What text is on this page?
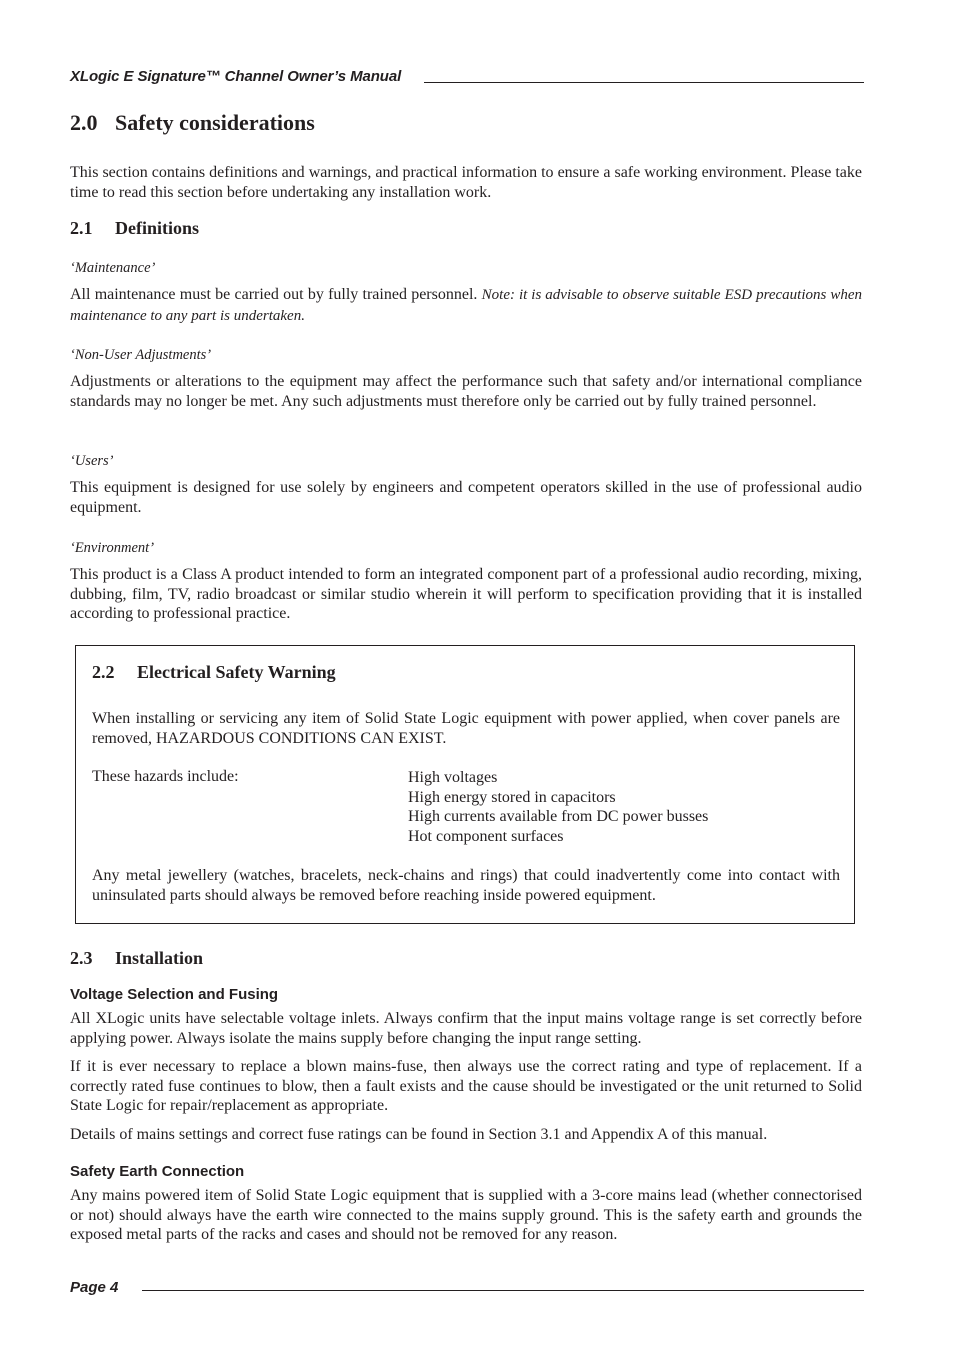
XLogic E Signature™ Channel Owner’s Manual
2.0 Safety considerations

This section contains definitions and warnings, and practical information to ensure a safe working environment. Please take time to read this section before undertaking any installation work.

2.1 Definitions
‘Maintenance’

All maintenance must be carried out by fully trained personnel. Note: it is advisable to observe suitable ESD precautions when maintenance to any part is undertaken.

‘Non-User Adjustments’

Adjustments or alterations to the equipment may affect the performance such that safety and/or international compliance standards may no longer be met. Any such adjustments must therefore only be carried out by fully trained personnel.

‘Users’

This equipment is designed for use solely by engineers and competent operators skilled in the use of professional audio equipment.

‘Environment’

This product is a Class A product intended to form an integrated component part of a professional audio recording, mixing, dubbing, film, TV, radio broadcast or similar studio wherein it will perform to specification providing that it is installed according to professional practice.

2.2 Electrical Safety Warning

When installing or servicing any item of Solid State Logic equipment with power applied, when cover panels are removed, HAZARDOUS CONDITIONS CAN EXIST.

These hazards include:	High voltages
High energy stored in capacitors
High currents available from DC power busses
Hot component surfaces

Any metal jewellery (watches, bracelets, neck-chains and rings) that could inadvertently come into contact with uninsulated parts should always be removed before reaching inside powered equipment.

2.3 Installation
Voltage Selection and Fusing

All XLogic units have selectable voltage inlets. Always confirm that the input mains voltage range is set correctly before applying power. Always isolate the mains supply before changing the input range setting.

If it is ever necessary to replace a blown mains-fuse, then always use the correct rating and type of replacement. If a correctly rated fuse continues to blow, then a fault exists and the cause should be investigated or the unit returned to Solid State Logic for repair/replacement as appropriate.

Details of mains settings and correct fuse ratings can be found in Section 3.1 and Appendix A of this manual.

Safety Earth Connection

Any mains powered item of Solid State Logic equipment that is supplied with a 3-core mains lead (whether connectorised or not) should always have the earth wire connected to the mains supply ground. This is the safety earth and grounds the exposed metal parts of the racks and cases and should not be removed for any reason.

Page 4
